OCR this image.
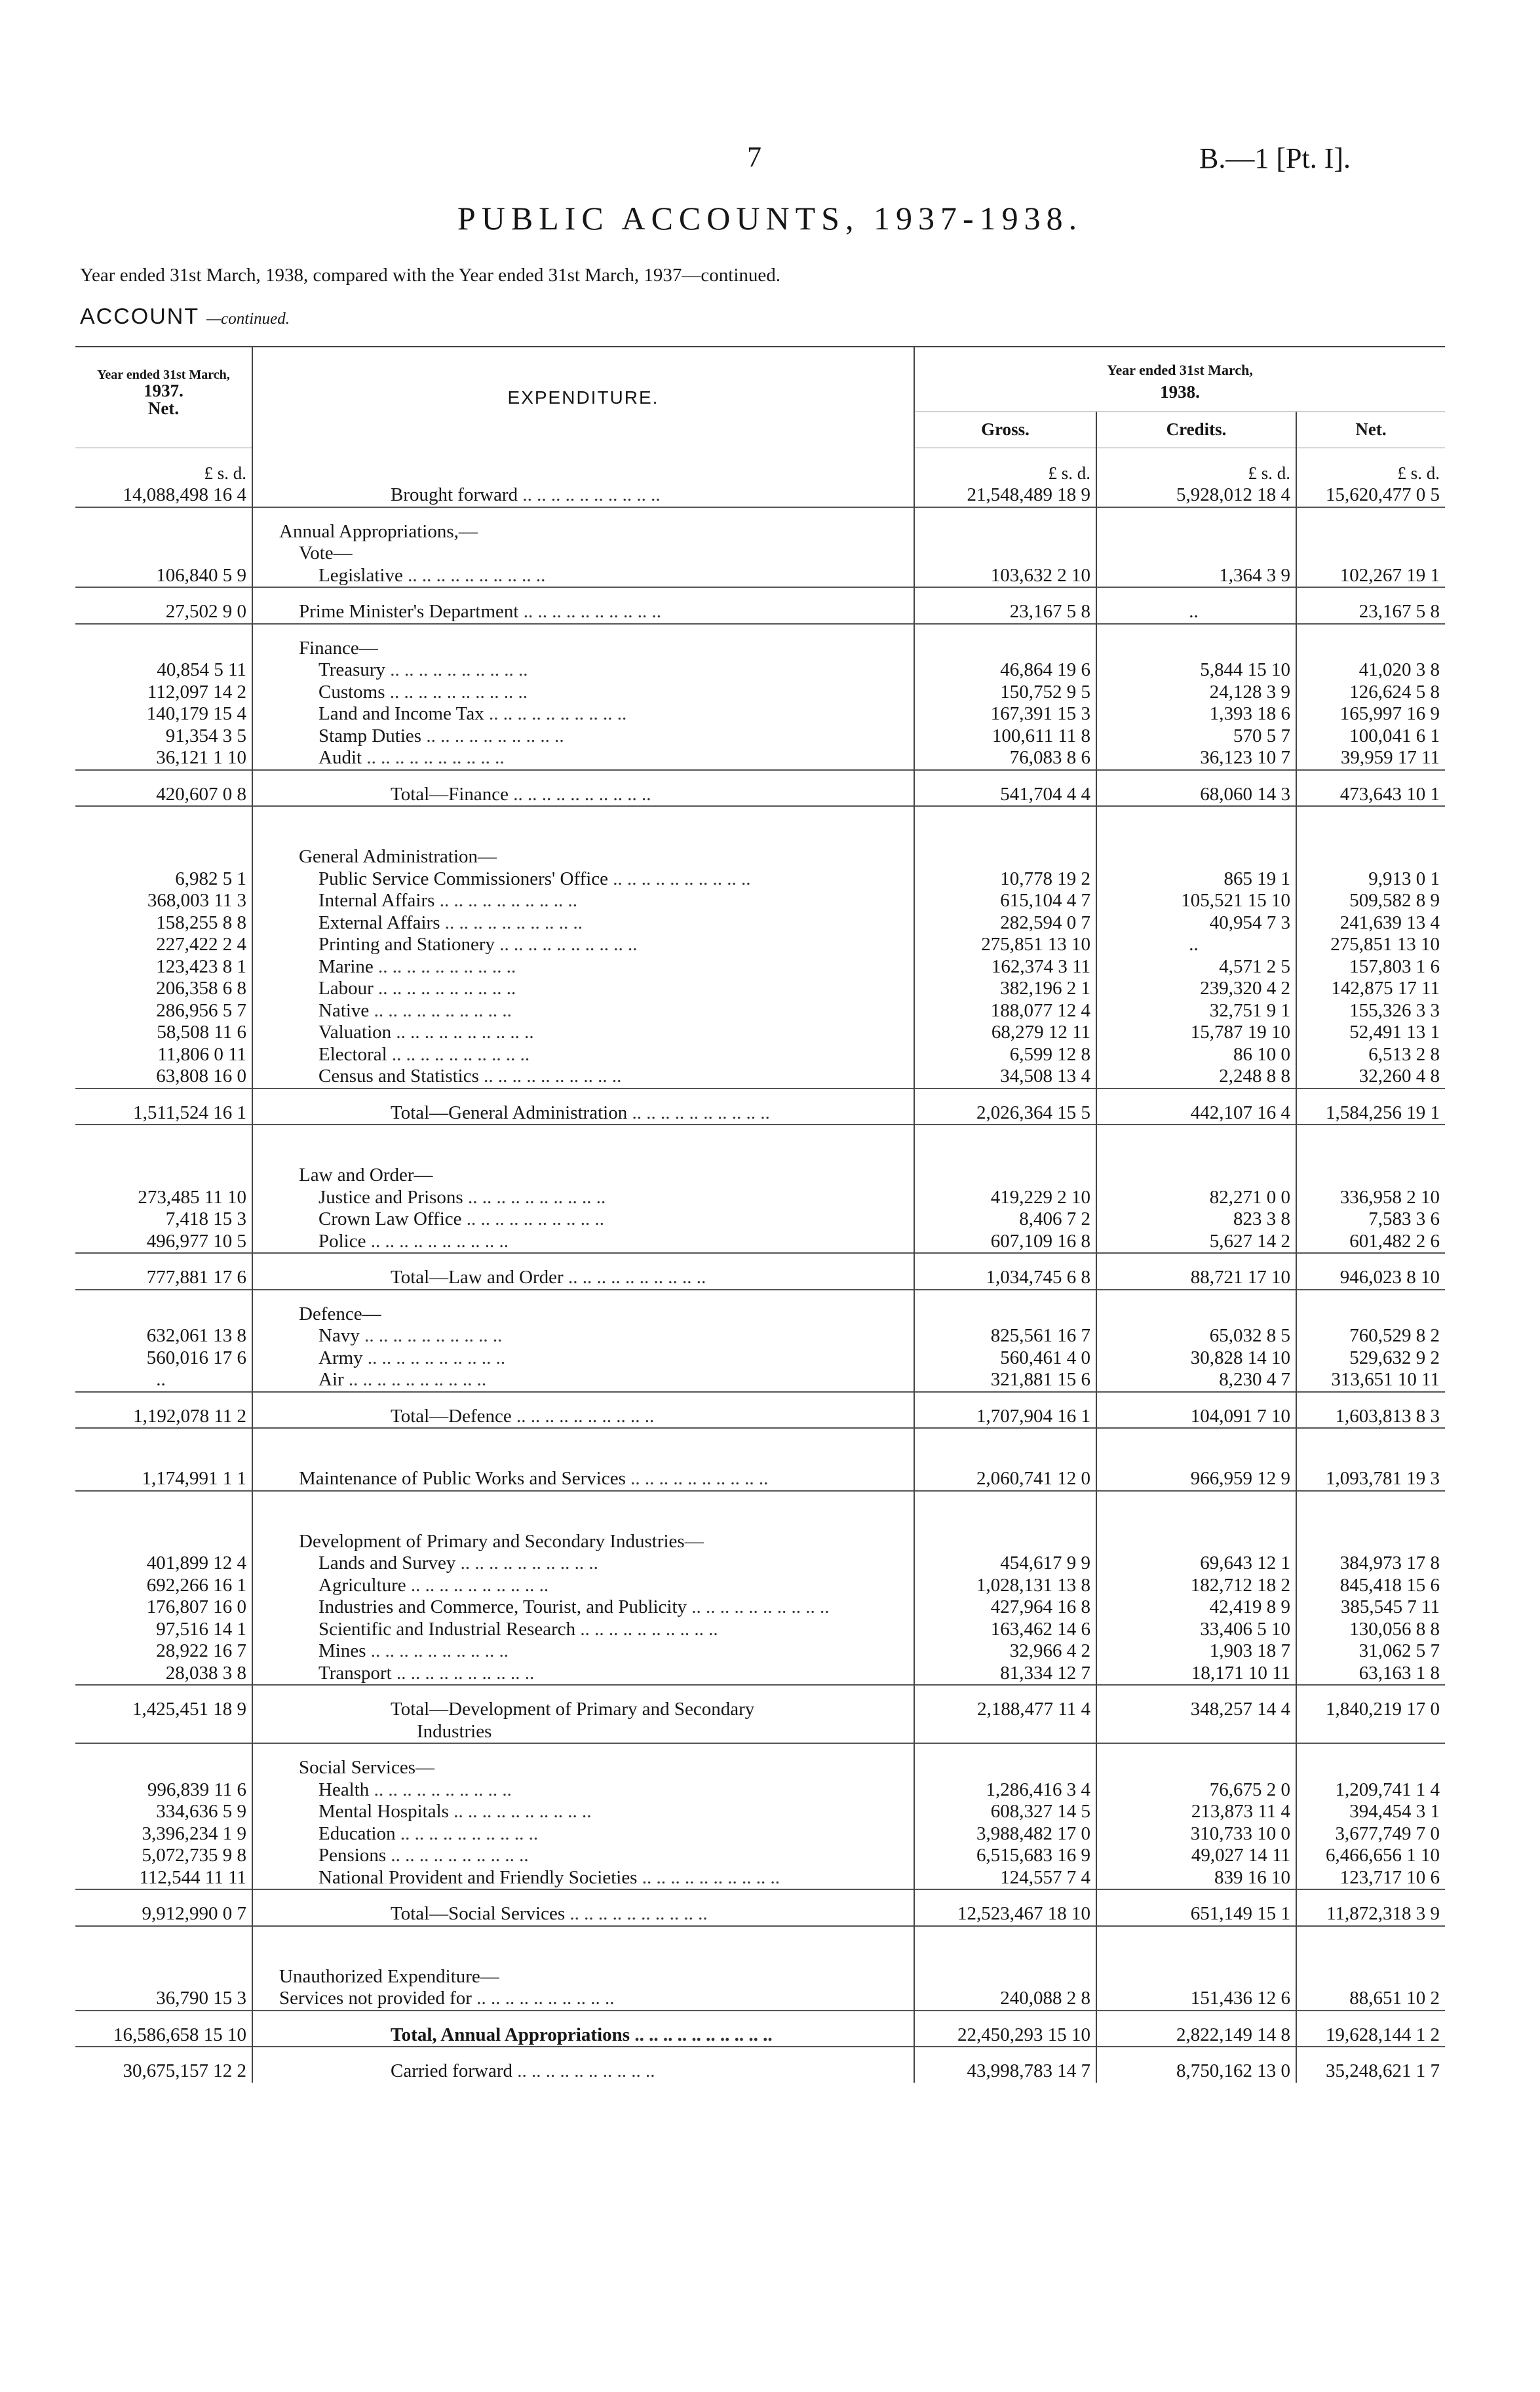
7	B.—1 [Pt. I].
PUBLIC ACCOUNTS, 1937-1938.
Year ended 31st March, 1938, compared with the Year ended 31st March, 1937—continued.
ACCOUNT —continued.
Year ended 31st March,
1937.
Net.	EXPENDITURE.	Year ended 31st March,
1938.		
		Gross.	Credits.	Net.
£ s. d.		£ s. d.	£ s. d.	£ s. d.
14,088,498 16 4	Brought forward .. ..	21,548,489 18 9	5,928,012 18 4	15,620,477 0 5

	Annual Appropriations,—			
	Vote—			
106,840 5 9	Legislative .. ..	103,632 2 10	1,364 3 9	102,267 19 1

27,502 9 0	Prime Minister's Department .. ..	23,167 5 8	..	23,167 5 8

	Finance—			
40,854 5 11	Treasury .. ..	46,864 19 6	5,844 15 10	41,020 3 8
112,097 14 2	Customs .. ..	150,752 9 5	24,128 3 9	126,624 5 8
140,179 15 4	Land and Income Tax .. ..	167,391 15 3	1,393 18 6	165,997 16 9
91,354 3 5	Stamp Duties .. ..	100,611 11 8	570 5 7	100,041 6 1
36,121 1 10	Audit .. ..	76,083 8 6	36,123 10 7	39,959 17 11

420,607 0 8	Total—Finance .. ..	541,704 4 4	68,060 14 3	473,643 10 1

	General Administration—			
6,982 5 1	Public Service Commissioners' Office .. ..	10,778 19 2	865 19 1	9,913 0 1
368,003 11 3	Internal Affairs .. ..	615,104 4 7	105,521 15 10	509,582 8 9
158,255 8 8	External Affairs .. ..	282,594 0 7	40,954 7 3	241,639 13 4
227,422 2 4	Printing and Stationery .. ..	275,851 13 10	..	275,851 13 10
123,423 8 1	Marine .. ..	162,374 3 11	4,571 2 5	157,803 1 6
206,358 6 8	Labour .. ..	382,196 2 1	239,320 4 2	142,875 17 11
286,956 5 7	Native .. ..	188,077 12 4	32,751 9 1	155,326 3 3
58,508 11 6	Valuation .. ..	68,279 12 11	15,787 19 10	52,491 13 1
11,806 0 11	Electoral .. ..	6,599 12 8	86 10 0	6,513 2 8
63,808 16 0	Census and Statistics .. ..	34,508 13 4	2,248 8 8	32,260 4 8

1,511,524 16 1	Total—General Administration .. ..	2,026,364 15 5	442,107 16 4	1,584,256 19 1

	Law and Order—			
273,485 11 10	Justice and Prisons .. ..	419,229 2 10	82,271 0 0	336,958 2 10
7,418 15 3	Crown Law Office .. ..	8,406 7 2	823 3 8	7,583 3 6
496,977 10 5	Police .. ..	607,109 16 8	5,627 14 2	601,482 2 6

777,881 17 6	Total—Law and Order .. ..	1,034,745 6 8	88,721 17 10	946,023 8 10

	Defence—			
632,061 13 8	Navy .. ..	825,561 16 7	65,032 8 5	760,529 8 2
560,016 17 6	Army .. ..	560,461 4 0	30,828 14 10	529,632 9 2
..	Air .. ..	321,881 15 6	8,230 4 7	313,651 10 11

1,192,078 11 2	Total—Defence .. ..	1,707,904 16 1	104,091 7 10	1,603,813 8 3

1,174,991 1 1	Maintenance of Public Works and Services .. ..	2,060,741 12 0	966,959 12 9	1,093,781 19 3

	Development of Primary and Secondary Industries—			
401,899 12 4	Lands and Survey .. ..	454,617 9 9	69,643 12 1	384,973 17 8
692,266 16 1	Agriculture .. ..	1,028,131 13 8	182,712 18 2	845,418 15 6
176,807 16 0	Industries and Commerce, Tourist, and Publicity .. ..	427,964 16 8	42,419 8 9	385,545 7 11
97,516 14 1	Scientific and Industrial Research .. ..	163,462 14 6	33,406 5 10	130,056 8 8
28,922 16 7	Mines .. ..	32,966 4 2	1,903 18 7	31,062 5 7
28,038 3 8	Transport .. ..	81,334 12 7	18,171 10 11	63,163 1 8

1,425,451 18 9	Total—Development of Primary and Secondary	2,188,477 11 4	348,257 14 4	1,840,219 17 0
	Industries			

	Social Services—			
996,839 11 6	Health .. ..	1,286,416 3 4	76,675 2 0	1,209,741 1 4
334,636 5 9	Mental Hospitals .. ..	608,327 14 5	213,873 11 4	394,454 3 1
3,396,234 1 9	Education .. ..	3,988,482 17 0	310,733 10 0	3,677,749 7 0
5,072,735 9 8	Pensions .. ..	6,515,683 16 9	49,027 14 11	6,466,656 1 10
112,544 11 11	National Provident and Friendly Societies .. ..	124,557 7 4	839 16 10	123,717 10 6

9,912,990 0 7	Total—Social Services .. ..	12,523,467 18 10	651,149 15 1	11,872,318 3 9

	Unauthorized Expenditure—			
36,790 15 3	Services not provided for .. ..	240,088 2 8	151,436 12 6	88,651 10 2

16,586,658 15 10	Total, Annual Appropriations .. ..	22,450,293 15 10	2,822,149 14 8	19,628,144 1 2

30,675,157 12 2	Carried forward .. ..	43,998,783 14 7	8,750,162 13 0	35,248,621 1 7
